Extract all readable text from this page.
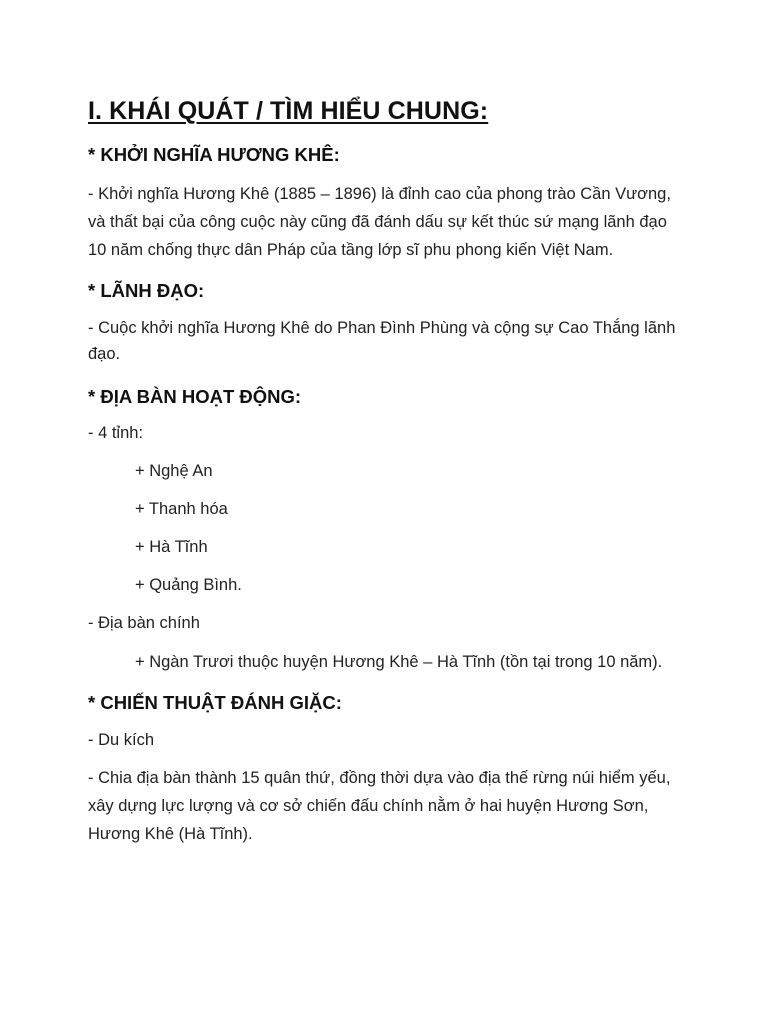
I. KHÁI QUÁT / TÌM HIỂU CHUNG:
* KHỞI NGHĨA HƯƠNG KHÊ:

- Khởi nghĩa Hương Khê (1885 – 1896) là đỉnh cao của phong trào Cần Vương, và thất bại của công cuộc này cũng đã đánh dấu sự kết thúc sứ mạng lãnh đạo 10 năm chống thực dân Pháp của tầng lớp sĩ phu phong kiến Việt Nam.

* LÃNH ĐẠO:

- Cuộc khởi nghĩa Hương Khê do Phan Đình Phùng và cộng sự Cao Thắng lãnh đạo.

* ĐỊA BÀN HOẠT ĐỘNG:

- 4 tỉnh:

+ Nghệ An

+ Thanh hóa

+ Hà Tĩnh

+ Quảng Bình.

- Địa bàn chính

+ Ngàn Trươi thuộc huyện Hương Khê – Hà Tĩnh (tồn tại trong 10 năm).

* CHIẾN THUẬT ĐÁNH GIẶC:

- Du kích

- Chia địa bàn thành 15 quân thứ, đồng thời dựa vào địa thế rừng núi hiểm yếu, xây dựng lực lượng và cơ sở chiến đấu chính nằm ở hai huyện Hương Sơn, Hương Khê (Hà Tĩnh).
